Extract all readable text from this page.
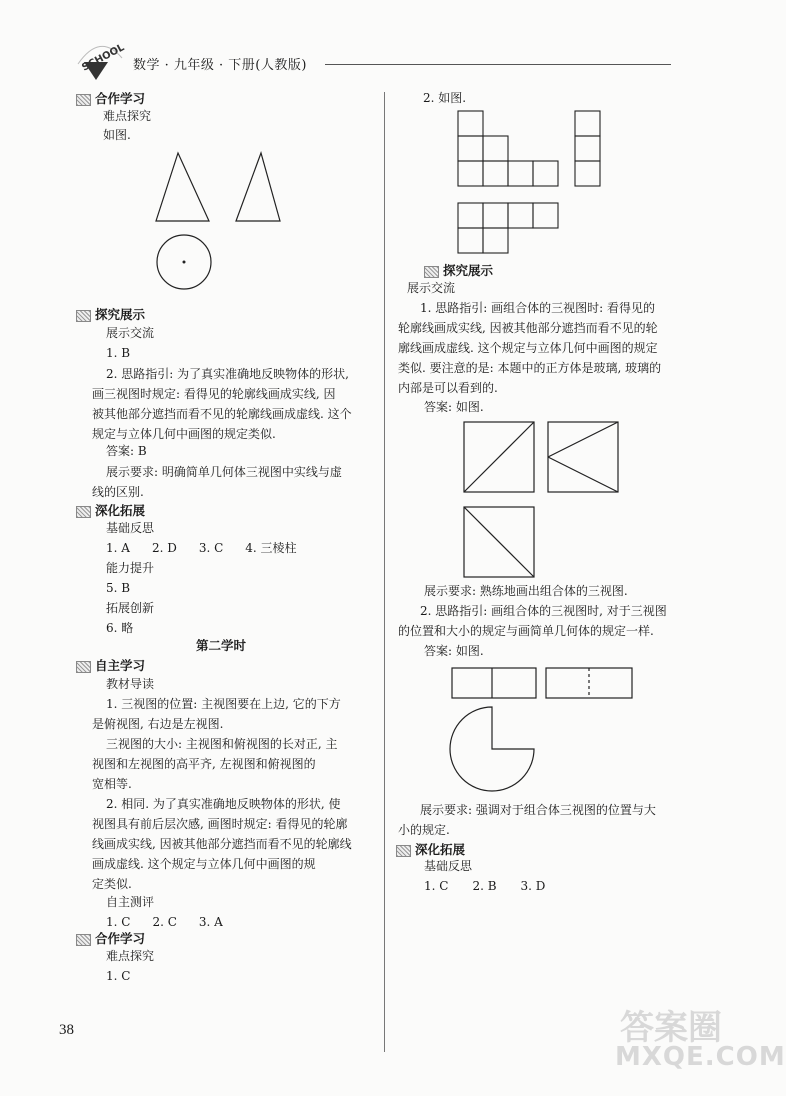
SCHOOL 数学 · 九年级 · 下册(人教版)
合作学习
难点探究
如图.
探究展示
展示交流
1. B
2. 思路指引: 为了真实准确地反映物体的形状,
画三视图时规定: 看得见的轮廓线画成实线, 因
被其他部分遮挡而看不见的轮廓线画成虚线. 这个
规定与立体几何中画图的规定类似.
答案: B
展示要求: 明确简单几何体三视图中实线与虚
线的区别.
深化拓展
基础反思
1. A 2. D 3. C 4. 三棱柱
能力提升
5. B
拓展创新
6. 略
第二学时
自主学习
教材导读
1. 三视图的位置: 主视图要在上边, 它的下方
是俯视图, 右边是左视图.
三视图的大小: 主视图和俯视图的长对正, 主
视图和左视图的高平齐, 左视图和俯视图的
宽相等.
2. 相同. 为了真实准确地反映物体的形状, 使
视图具有前后层次感, 画图时规定: 看得见的轮廓
线画成实线, 因被其他部分遮挡而看不见的轮廓线
画成虚线. 这个规定与立体几何中画图的规
定类似.
自主测评
1. C 2. C 3. A
合作学习
难点探究
1. C
38
2. 如图.
探究展示
展示交流
1. 思路指引: 画组合体的三视图时: 看得见的
轮廓线画成实线, 因被其他部分遮挡而看不见的轮
廓线画成虚线. 这个规定与立体几何中画图的规定
类似. 要注意的是: 本题中的正方体是玻璃, 玻璃的
内部是可以看到的.
答案: 如图.
展示要求: 熟练地画出组合体的三视图.
2. 思路指引: 画组合体的三视图时, 对于三视图
的位置和大小的规定与画简单几何体的规定一样.
答案: 如图.
展示要求: 强调对于组合体三视图的位置与大
小的规定.
深化拓展
基础反思
1. C 2. B 3. D
答案圈
MXQE.COM
